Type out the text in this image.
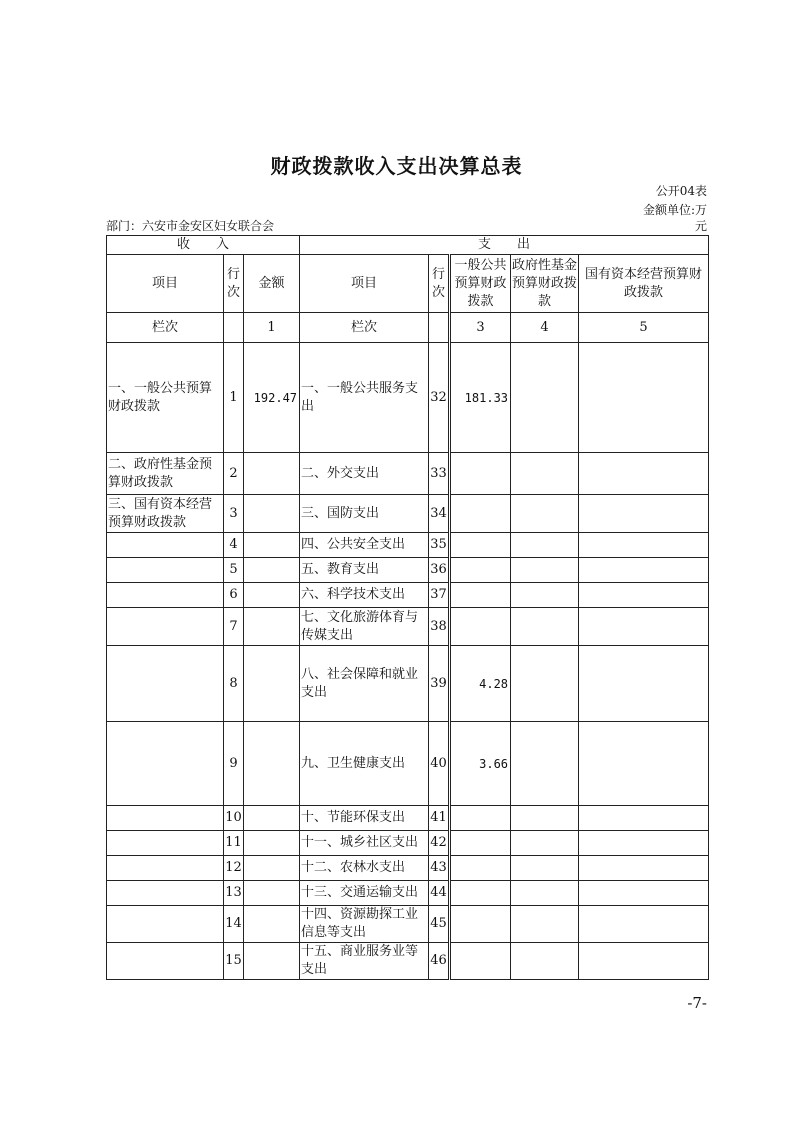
财政拨款收入支出决算总表
公开04表
金额单位:万
元
部门：六安市金安区妇女联合会
收　　入			支　　出				
项目	行次	金额	项目	行次	一般公共预算财政拨款	政府性基金预算财政拨款	国有资本经营预算财政拨款
栏次		1	栏次		3	4	5
一、一般公共预算财政拨款	1	192.47	一、一般公共服务支出	32	181.33		
二、政府性基金预算财政拨款	2		二、外交支出	33			
三、国有资本经营预算财政拨款	3		三、国防支出	34			
	4		四、公共安全支出	35			
	5		五、教育支出	36			
	6		六、科学技术支出	37			
	7		七、文化旅游体育与传媒支出	38			
	8		八、社会保障和就业支出	39	4.28		
	9		九、卫生健康支出	40	3.66		
	10		十、节能环保支出	41			
	11		十一、城乡社区支出	42			
	12		十二、农林水支出	43			
	13		十三、交通运输支出	44			
	14		十四、资源勘探工业信息等支出	45			
	15		十五、商业服务业等支出	46			
-7-
